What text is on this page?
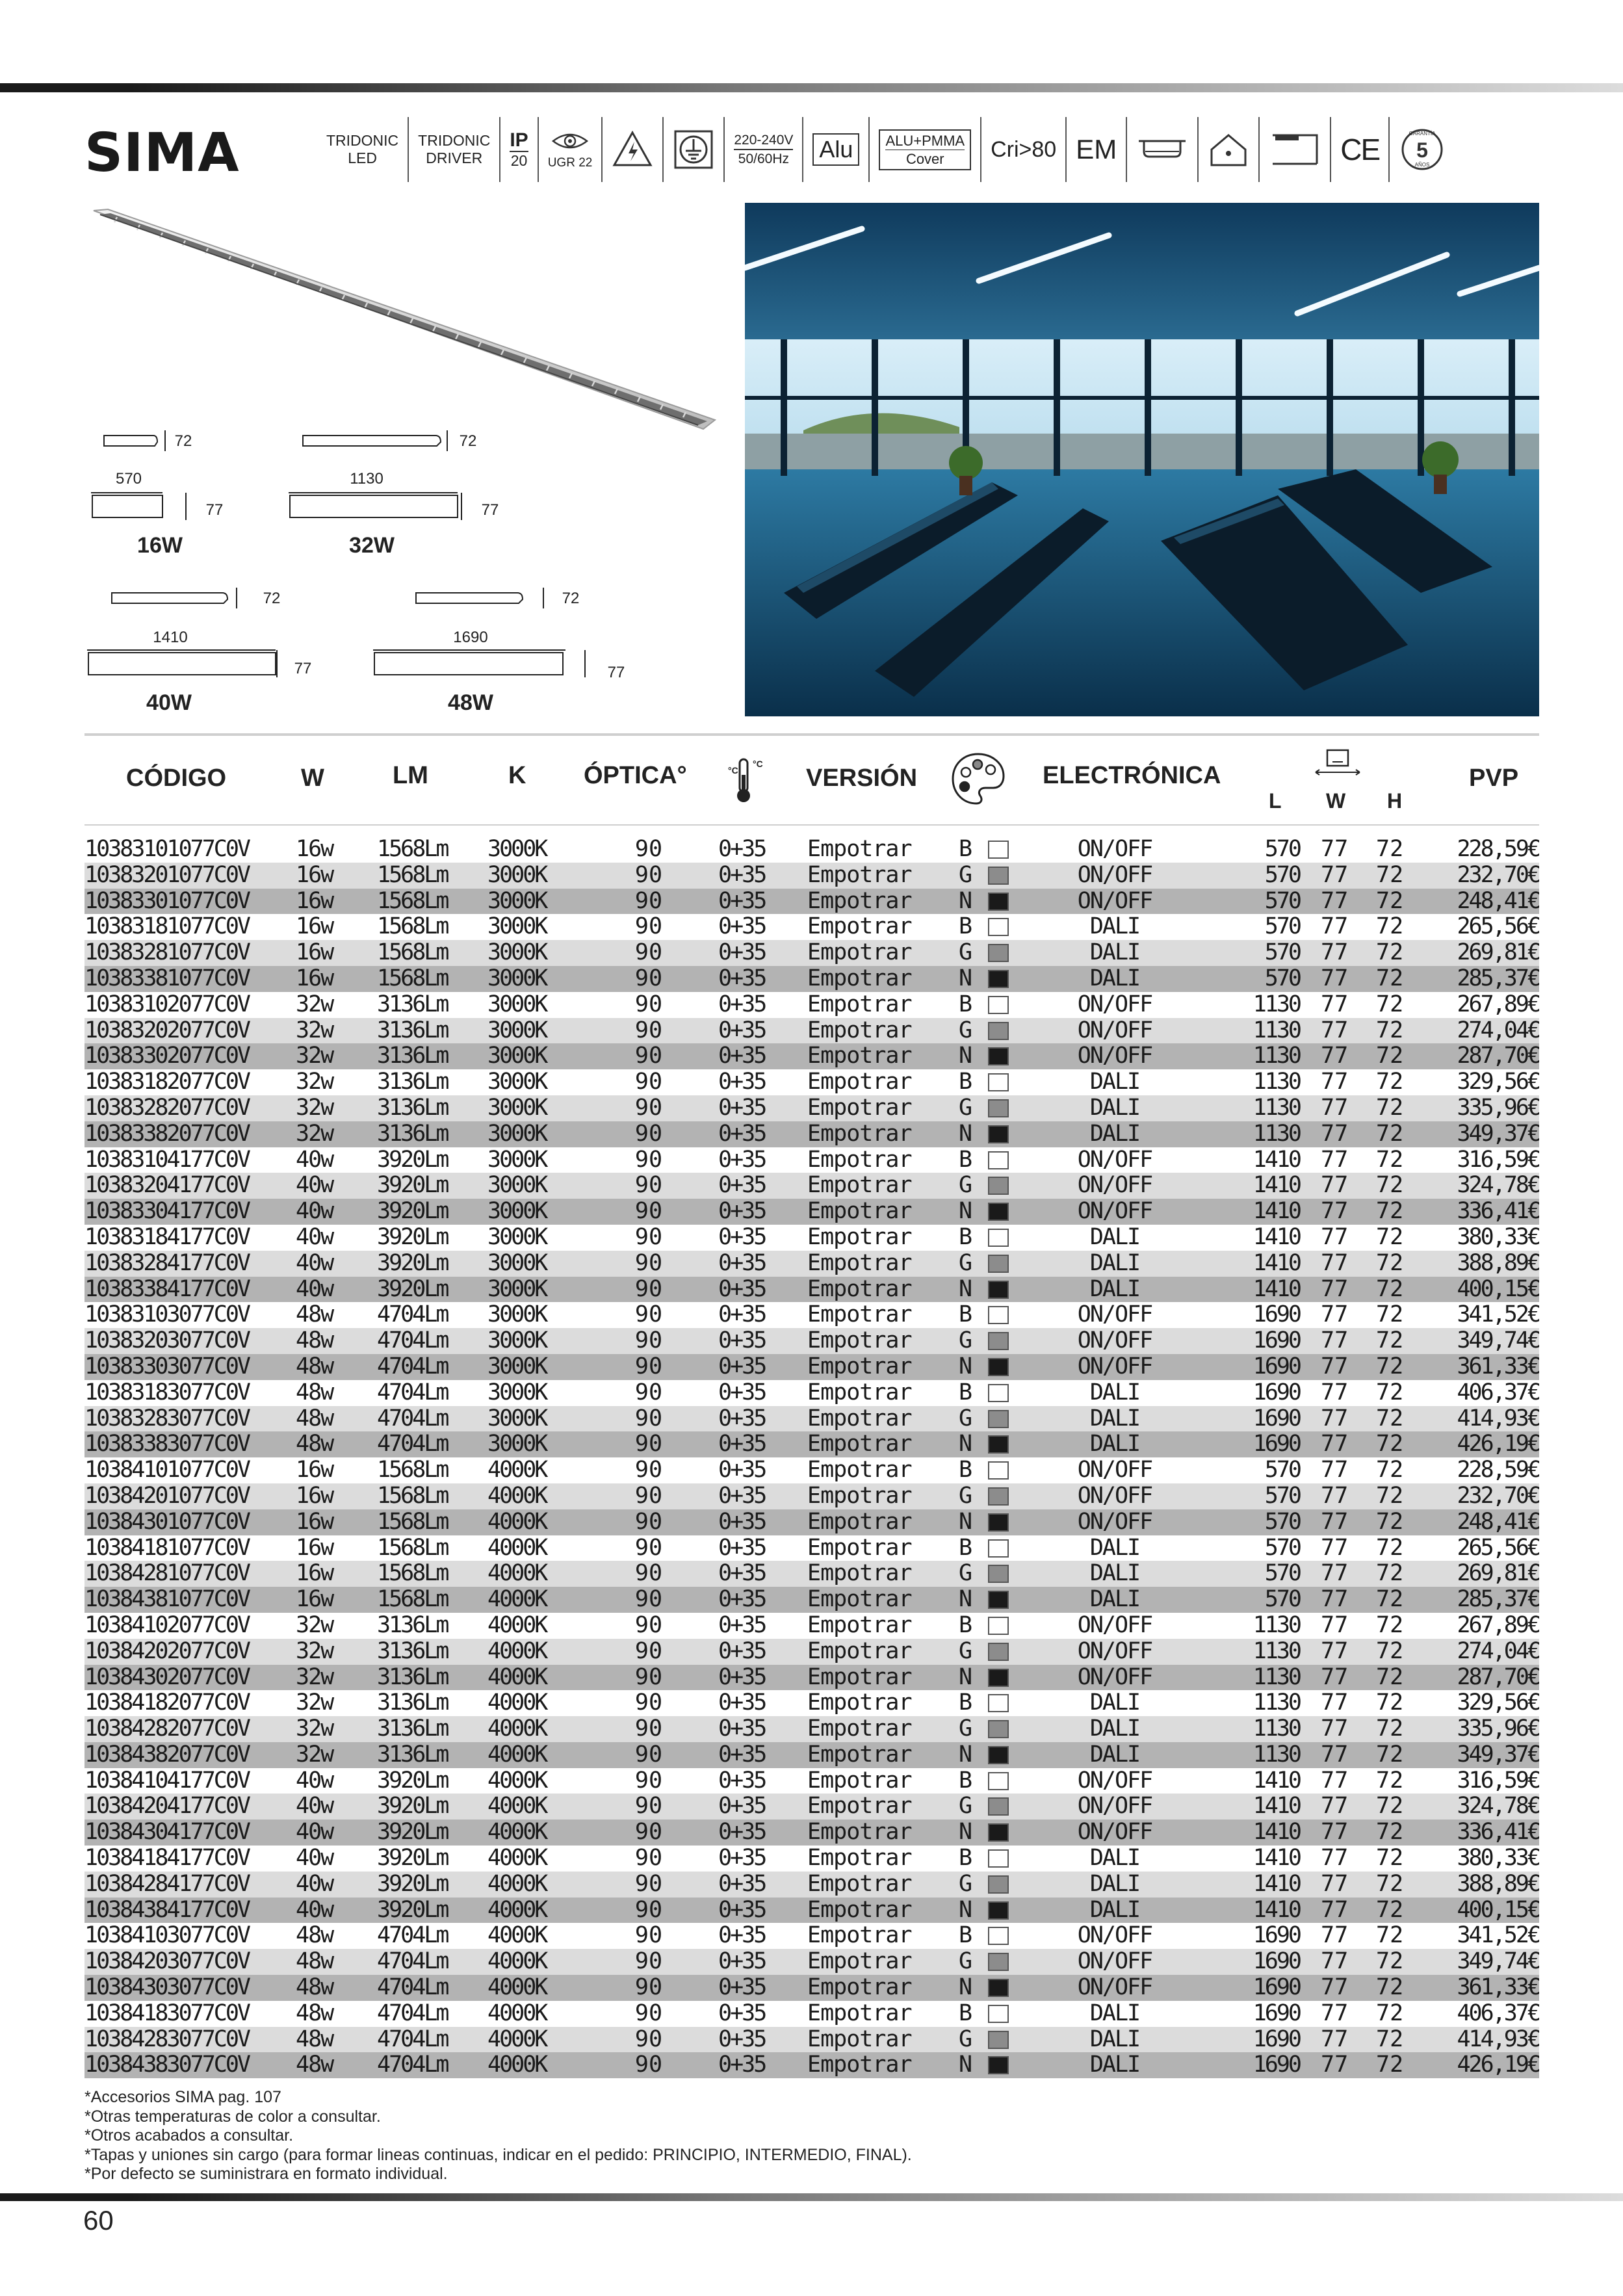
SIMA	TRIDONIC
LED
TRIDONIC
DRIVER
IP
20 UGR 22
220-240V
50/60Hz Alu	ALU+PMMA
Cover	Cri>80 EM	CE	GARANTÍA
5
AÑOS
72
570
77
16W
72
1130
77
32W
72
1410
77
40W
72
1690
77
48W
CÓDIGO	W	LM	K ÓPTICA°	°C
°C
VERSIÓN	ELECTRÓNICA
L W H
PVP
10383101077C0V 16w 1568Lm 3000K	90	0+35 Empotrar B	ON/OFF	570 77 72	228,59€
10383201077C0V 16w 1568Lm 3000K	90	0+35 Empotrar G	ON/OFF	570 77 72	232,70€
10383301077C0V 16w 1568Lm 3000K	90	0+35 Empotrar N	ON/OFF	570 77 72	248,41€
10383181077C0V 16w 1568Lm 3000K	90	0+35 Empotrar B	DALI	570 77 72	265,56€
10383281077C0V 16w 1568Lm 3000K	90	0+35 Empotrar G	DALI	570 77 72	269,81€
10383381077C0V 16w 1568Lm 3000K	90	0+35 Empotrar N	DALI	570 77 72	285,37€
10383102077C0V 32w 3136Lm 3000K	90	0+35 Empotrar B	ON/OFF	1130 77 72	267,89€
10383202077C0V 32w 3136Lm 3000K	90	0+35 Empotrar G	ON/OFF	1130 77 72	274,04€
10383302077C0V 32w 3136Lm 3000K	90	0+35 Empotrar N	ON/OFF	1130 77 72	287,70€
10383182077C0V 32w 3136Lm 3000K	90	0+35 Empotrar B	DALI	1130 77 72	329,56€
10383282077C0V 32w 3136Lm 3000K	90	0+35 Empotrar G	DALI	1130 77 72	335,96€
10383382077C0V 32w 3136Lm 3000K	90	0+35 Empotrar N	DALI	1130 77 72	349,37€
10383104177C0V 40w 3920Lm 3000K	90	0+35 Empotrar B	ON/OFF	1410 77 72	316,59€
10383204177C0V 40w 3920Lm 3000K	90	0+35 Empotrar G	ON/OFF	1410 77 72	324,78€
10383304177C0V 40w 3920Lm 3000K	90	0+35 Empotrar N	ON/OFF	1410 77 72	336,41€
10383184177C0V 40w 3920Lm 3000K	90	0+35 Empotrar B	DALI	1410 77 72	380,33€
10383284177C0V 40w 3920Lm 3000K	90	0+35 Empotrar G	DALI	1410 77 72	388,89€
10383384177C0V 40w 3920Lm 3000K	90	0+35 Empotrar N	DALI	1410 77 72	400,15€
10383103077C0V 48w 4704Lm 3000K	90	0+35 Empotrar B	ON/OFF	1690 77 72	341,52€
10383203077C0V 48w 4704Lm 3000K	90	0+35 Empotrar G	ON/OFF	1690 77 72	349,74€
10383303077C0V 48w 4704Lm 3000K	90	0+35 Empotrar N	ON/OFF	1690 77 72	361,33€
10383183077C0V 48w 4704Lm 3000K	90	0+35 Empotrar B	DALI	1690 77 72	406,37€
10383283077C0V 48w 4704Lm 3000K	90	0+35 Empotrar G	DALI	1690 77 72	414,93€
10383383077C0V 48w 4704Lm 3000K	90	0+35 Empotrar N	DALI	1690 77 72	426,19€
10384101077C0V 16w 1568Lm 4000K	90	0+35 Empotrar B	ON/OFF	570 77 72	228,59€
10384201077C0V 16w 1568Lm 4000K	90	0+35 Empotrar G	ON/OFF	570 77 72	232,70€
10384301077C0V 16w 1568Lm 4000K	90	0+35 Empotrar N	ON/OFF	570 77 72	248,41€
10384181077C0V 16w 1568Lm 4000K	90	0+35 Empotrar B	DALI	570 77 72	265,56€
10384281077C0V 16w 1568Lm 4000K	90	0+35 Empotrar G	DALI	570 77 72	269,81€
10384381077C0V 16w 1568Lm 4000K	90	0+35 Empotrar N	DALI	570 77 72	285,37€
10384102077C0V 32w 3136Lm 4000K	90	0+35 Empotrar B	ON/OFF	1130 77 72	267,89€
10384202077C0V 32w 3136Lm 4000K	90	0+35 Empotrar G	ON/OFF	1130 77 72	274,04€
10384302077C0V 32w 3136Lm 4000K	90	0+35 Empotrar N	ON/OFF	1130 77 72	287,70€
10384182077C0V 32w 3136Lm 4000K	90	0+35 Empotrar B	DALI	1130 77 72	329,56€
10384282077C0V 32w 3136Lm 4000K	90	0+35 Empotrar G	DALI	1130 77 72	335,96€
10384382077C0V 32w 3136Lm 4000K	90	0+35 Empotrar N	DALI	1130 77 72	349,37€
10384104177C0V 40w 3920Lm 4000K	90	0+35 Empotrar B	ON/OFF	1410 77 72	316,59€
10384204177C0V 40w 3920Lm 4000K	90	0+35 Empotrar G	ON/OFF	1410 77 72	324,78€
10384304177C0V 40w 3920Lm 4000K	90	0+35 Empotrar N	ON/OFF	1410 77 72	336,41€
10384184177C0V 40w 3920Lm 4000K	90	0+35 Empotrar B	DALI	1410 77 72	380,33€
10384284177C0V 40w 3920Lm 4000K	90	0+35 Empotrar G	DALI	1410 77 72	388,89€
10384384177C0V 40w 3920Lm 4000K	90	0+35 Empotrar N	DALI	1410 77 72	400,15€
10384103077C0V 48w 4704Lm 4000K	90	0+35 Empotrar B	ON/OFF	1690 77 72	341,52€
10384203077C0V 48w 4704Lm 4000K	90	0+35 Empotrar G	ON/OFF	1690 77 72	349,74€
10384303077C0V 48w 4704Lm 4000K	90	0+35 Empotrar N	ON/OFF	1690 77 72	361,33€
10384183077C0V 48w 4704Lm 4000K	90	0+35 Empotrar B	DALI	1690 77 72	406,37€
10384283077C0V 48w 4704Lm 4000K	90	0+35 Empotrar G	DALI	1690 77 72	414,93€
10384383077C0V 48w 4704Lm 4000K	90	0+35 Empotrar N	DALI	1690 77 72	426,19€
*Accesorios SIMA pag. 107
*Otras temperaturas de color a consultar.
*Otros acabados a consultar.
*Tapas y uniones sin cargo (para formar lineas continuas, indicar en el pedido: PRINCIPIO, INTERMEDIO, FINAL).
*Por defecto se suministrara en formato individual.
60
